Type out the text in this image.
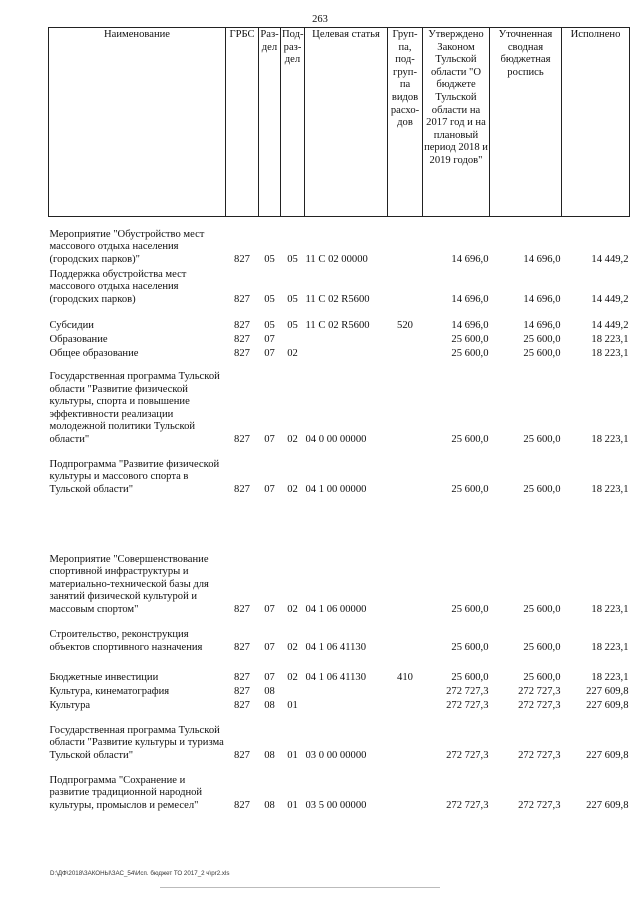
263
Наименование	ГРБС	Раз-дел	Под-раз-дел	Целевая статья	Груп-па, под-груп-па видов расхо-дов	Утверждено Законом Тульской области "О бюджете Тульской области на 2017 год и на плановый период 2018 и 2019 годов"	Уточненная сводная бюджетная роспись	Исполнено
Мероприятие "Обустройство мест массового отдыха населения (городских парков)"	827	05	05	11 С 02 00000		14 696,0	14 696,0	14 449,2
Поддержка обустройства мест массового отдыха населения (городских парков)	827	05	05	11 С 02 R5600		14 696,0	14 696,0	14 449,2
Субсидии	827	05	05	11 С 02 R5600	520	14 696,0	14 696,0	14 449,2
Образование	827	07				25 600,0	25 600,0	18 223,1
Общее образование	827	07	02			25 600,0	25 600,0	18 223,1
Государственная программа Тульской области "Развитие физической культуры, спорта и повышение эффективности реализации молодежной политики Тульской области"	827	07	02	04 0 00 00000		25 600,0	25 600,0	18 223,1
Подпрограмма "Развитие физической культуры и массового спорта в Тульской области"	827	07	02	04 1 00 00000		25 600,0	25 600,0	18 223,1
Мероприятие "Совершенствование спортивной инфраструктуры и материально-технической базы для занятий физической культурой и массовым спортом"	827	07	02	04 1 06 00000		25 600,0	25 600,0	18 223,1
Строительство, реконструкция объектов спортивного назначения	827	07	02	04 1 06 41130		25 600,0	25 600,0	18 223,1
Бюджетные инвестиции	827	07	02	04 1 06 41130	410	25 600,0	25 600,0	18 223,1
Культура, кинематография	827	08				272 727,3	272 727,3	227 609,8
Культура	827	08	01			272 727,3	272 727,3	227 609,8
Государственная программа Тульской области "Развитие культуры и туризма Тульской области"	827	08	01	03 0 00 00000		272 727,3	272 727,3	227 609,8
Подпрограмма "Сохранение и развитие традиционной народной культуры, промыслов и ремесел"	827	08	01	03 5 00 00000		272 727,3	272 727,3	227 609,8
D:\ДФ\2018\ЗАКОНЫ\ЗАС_54\Исп. бюджет ТО 2017_2 ч\pr2.xls
